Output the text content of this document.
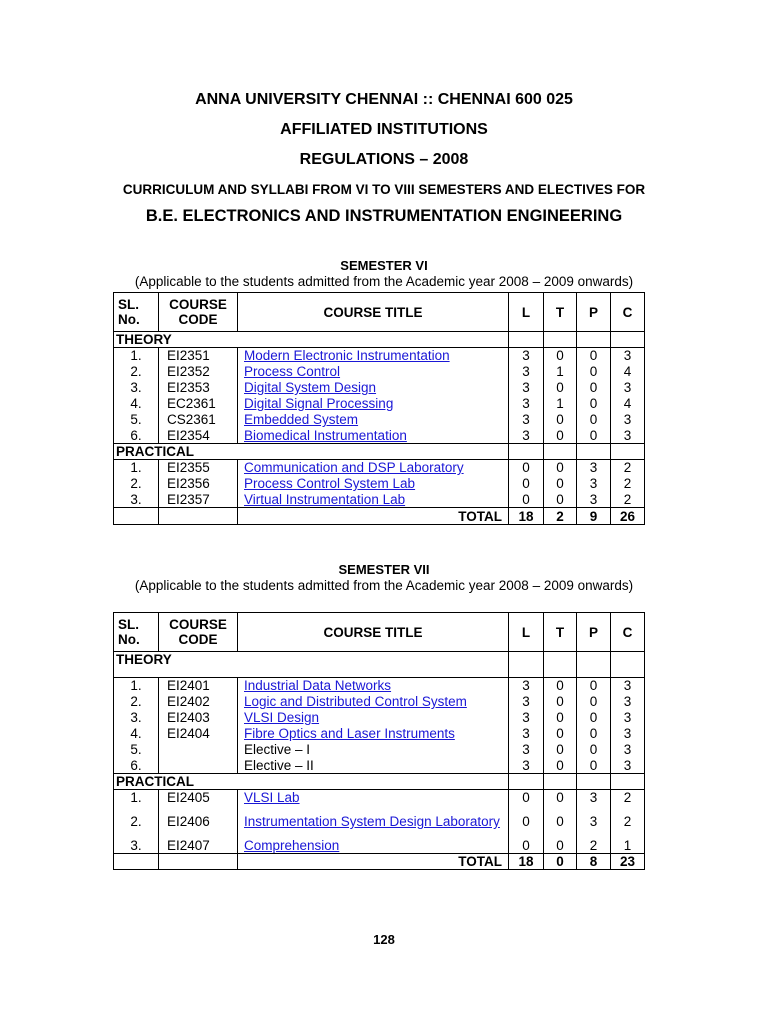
ANNA UNIVERSITY CHENNAI :: CHENNAI 600 025
AFFILIATED INSTITUTIONS
REGULATIONS – 2008
CURRICULUM AND SYLLABI FROM VI TO VIII SEMESTERS AND ELECTIVES FOR
B.E. ELECTRONICS AND INSTRUMENTATION ENGINEERING
SEMESTER VI
(Applicable to the students admitted from the Academic year 2008 – 2009 onwards)
SL. No.	COURSE CODE	COURSE TITLE	L	T	P	C
THEORY						
1.	EI2351	Modern Electronic Instrumentation	3	0	0	3
2.	EI2352	Process Control	3	1	0	4
3.	EI2353	Digital System Design	3	0	0	3
4.	EC2361	Digital Signal Processing	3	1	0	4
5.	CS2361	Embedded System	3	0	0	3
6.	EI2354	Biomedical Instrumentation	3	0	0	3
PRACTICAL						
1.	EI2355	Communication and DSP Laboratory	0	0	3	2
2.	EI2356	Process Control System Lab	0	0	3	2
3.	EI2357	Virtual Instrumentation Lab	0	0	3	2
		TOTAL	18	2	9	26
SEMESTER VII
(Applicable to the students admitted from the Academic year 2008 – 2009 onwards)
SL. No.	COURSE CODE	COURSE TITLE	L	T	P	C
THEORY						
1.	EI2401	Industrial Data Networks	3	0	0	3
2.	EI2402	Logic and Distributed Control System	3	0	0	3
3.	EI2403	VLSI Design	3	0	0	3
4.	EI2404	Fibre Optics and Laser Instruments	3	0	0	3
5.		Elective – I	3	0	0	3
6.		Elective – II	3	0	0	3
PRACTICAL						
1.	EI2405	VLSI Lab	0	0	3	2
2.	EI2406	Instrumentation System Design Laboratory	0	0	3	2
3.	EI2407	Comprehension	0	0	2	1
		TOTAL	18	0	8	23
128
